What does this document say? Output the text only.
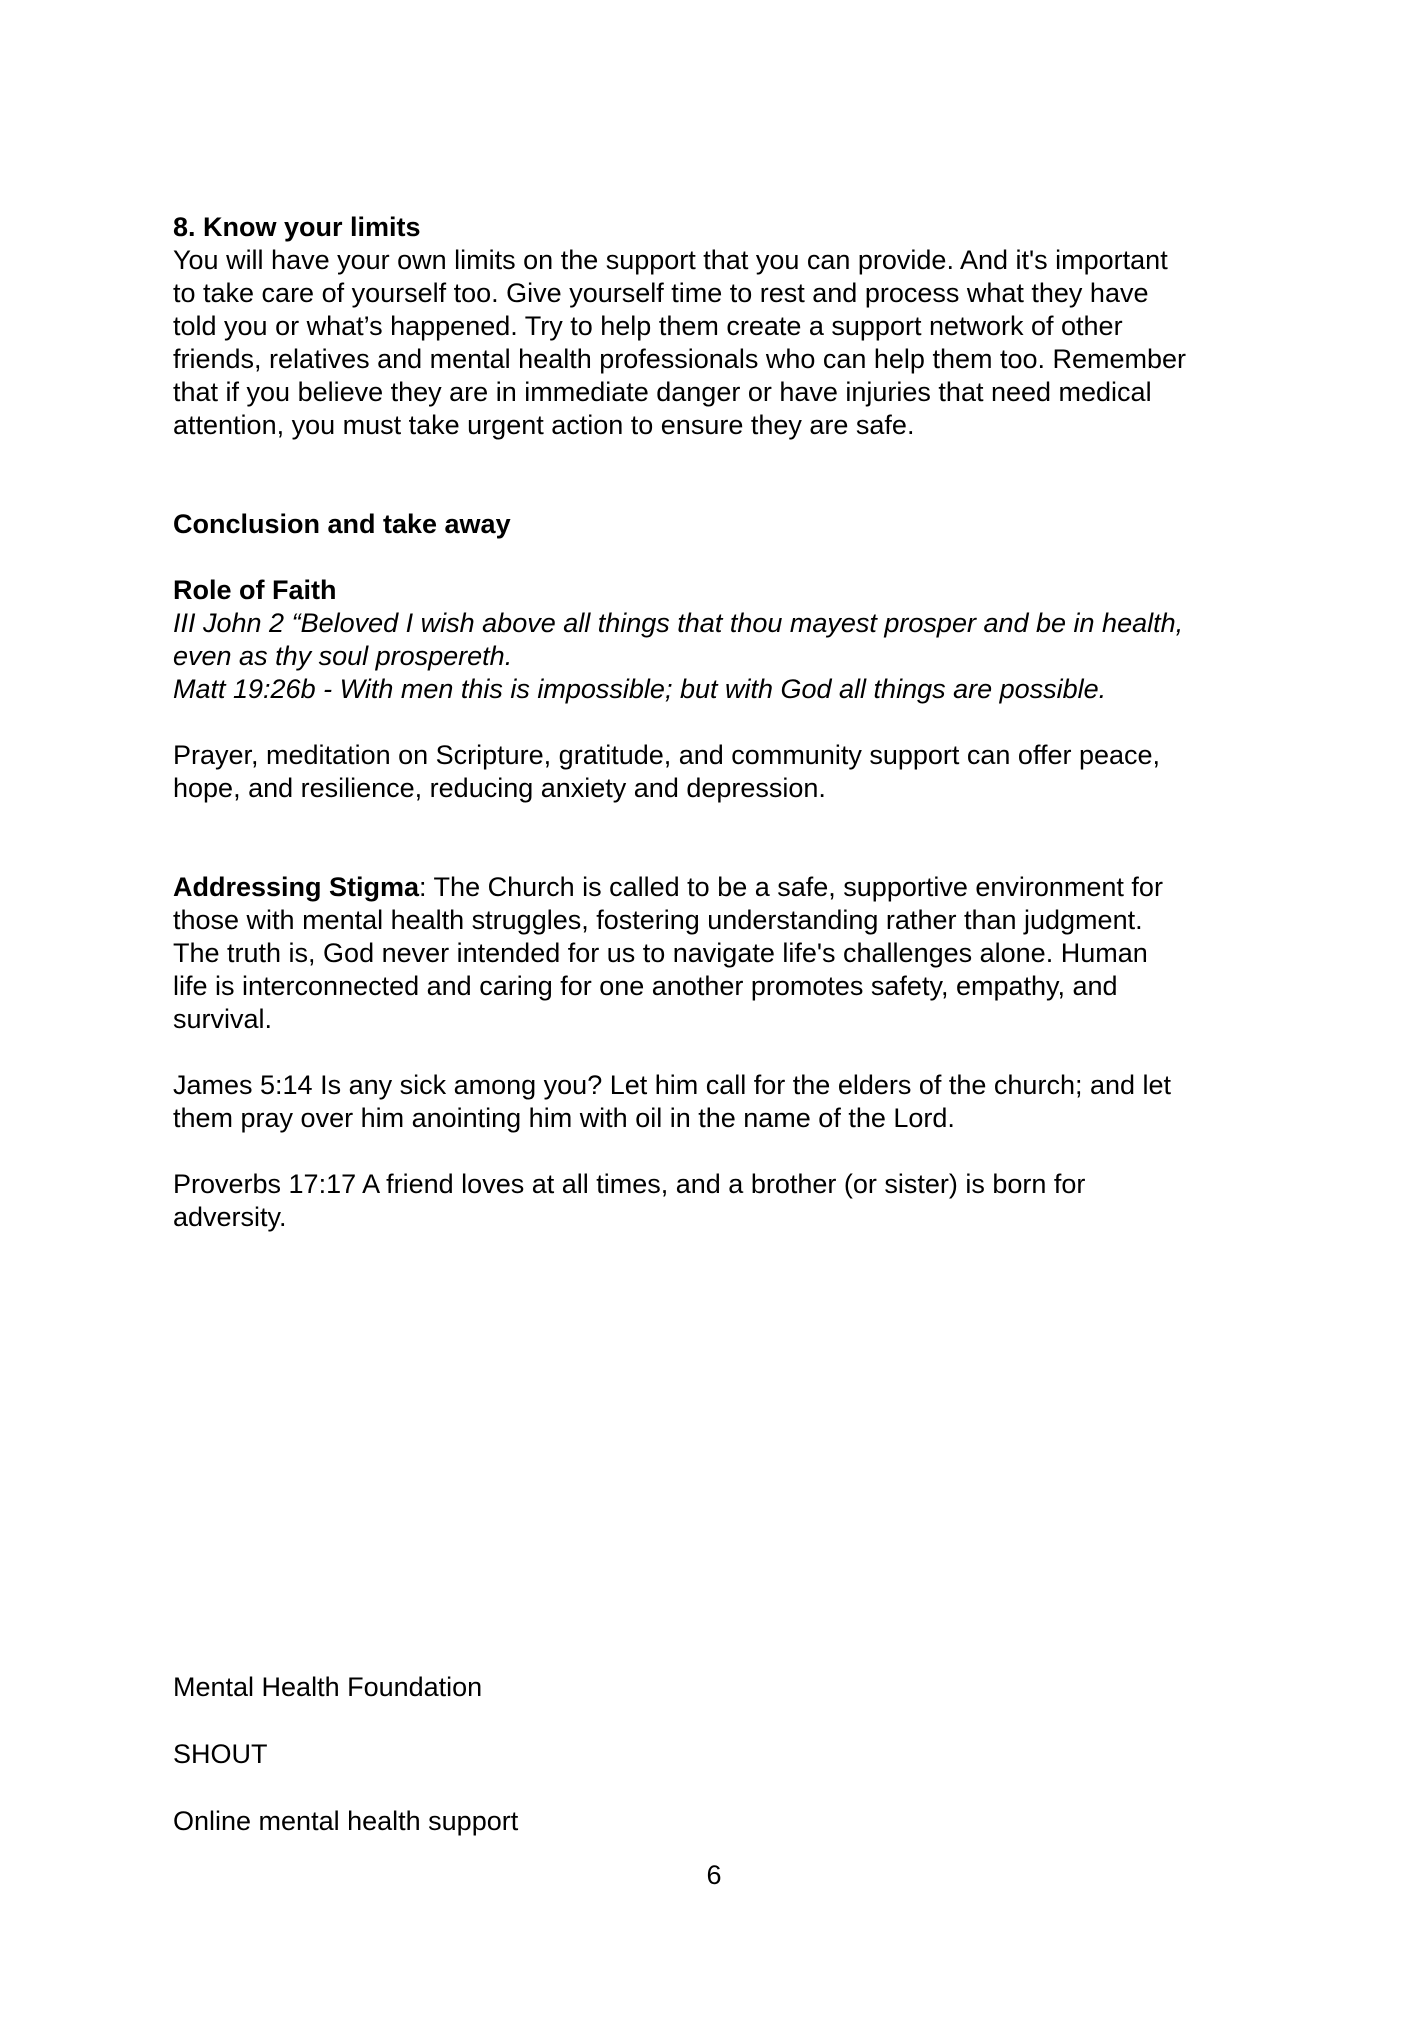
8. Know your limits
You will have your own limits on the support that you can provide. And it's important
to take care of yourself too. Give yourself time to rest and process what they have
told you or what’s happened. Try to help them create a support network of other
friends, relatives and mental health professionals who can help them too. Remember
that if you believe they are in immediate danger or have injuries that need medical
attention, you must take urgent action to ensure they are safe.
Conclusion and take away
Role of Faith
III John 2 “Beloved I wish above all things that thou mayest prosper and be in health,
even as thy soul prospereth.
Matt 19:26b - With men this is impossible; but with God all things are possible.
Prayer, meditation on Scripture, gratitude, and community support can offer peace,
hope, and resilience, reducing anxiety and depression.
Addressing Stigma: The Church is called to be a safe, supportive environment for
those with mental health struggles, fostering understanding rather than judgment.
The truth is, God never intended for us to navigate life's challenges alone. Human
life is interconnected and caring for one another promotes safety, empathy, and
survival.
James 5:14 Is any sick among you? Let him call for the elders of the church; and let
them pray over him anointing him with oil in the name of the Lord.
Proverbs 17:17 A friend loves at all times, and a brother (or sister) is born for
adversity.
Mental Health Foundation
SHOUT
Online mental health support
6
